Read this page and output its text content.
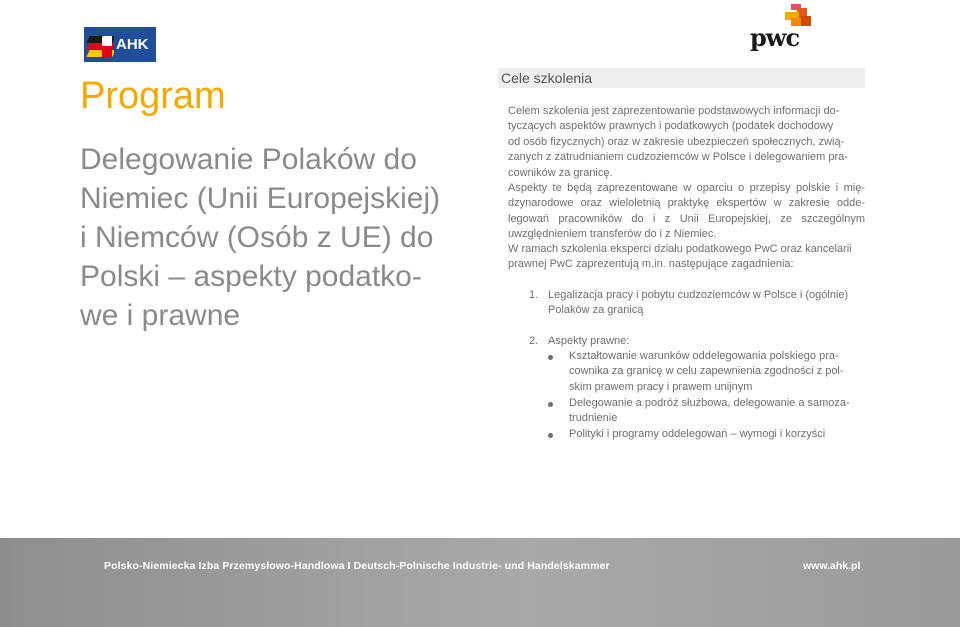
AHK	pwc
Program
Delegowanie Polaków do
Niemiec (Unii Europejskiej)
i Niemców (Osób z UE) do
Polski – aspekty podatko-
we i prawne
Cele szkolenia

Celem szkolenia jest zaprezentowanie podstawowych informacji do-
tyczących aspektów prawnych i podatkowych (podatek dochodowy
od osób fizycznych) oraz w zakresie ubezpieczeń społecznych, zwią-
zanych z zatrudnianiem cudzoziemców w Polsce i delegowaniem pra-
cowników za granicę.

Aspekty te będą zaprezentowane w oparciu o przepisy polskie i mię-
dzynarodowe oraz wieloletnią praktykę ekspertów w zakresie odde-
legowań pracowników do i z Unii Europejskiej, ze szczególnym
uwzględnieniem transferów do i z Niemiec.

W ramach szkolenia eksperci działu podatkowego PwC oraz kancelarii
prawnej PwC zaprezentują m.in. następujące zagadnienia:

1. Legalizacja pracy i pobytu cudzoziemców w Polsce i (ogólnie)
Polaków za granicą
2. Aspekty prawne:
Kształtowanie warunków oddelegowania polskiego pra-
cownika za granicę w celu zapewnienia zgodności z pol-
skim prawem pracy i prawem unijnym
Delegowanie a podróż służbowa, delegowanie a samoza-
trudnienie
Polityki i programy oddelegowań – wymogi i korzyści
Polsko-Niemiecka Izba Przemysłowo-Handlowa I Deutsch-Polnische Industrie- und Handelskammer	www.ahk.pl
